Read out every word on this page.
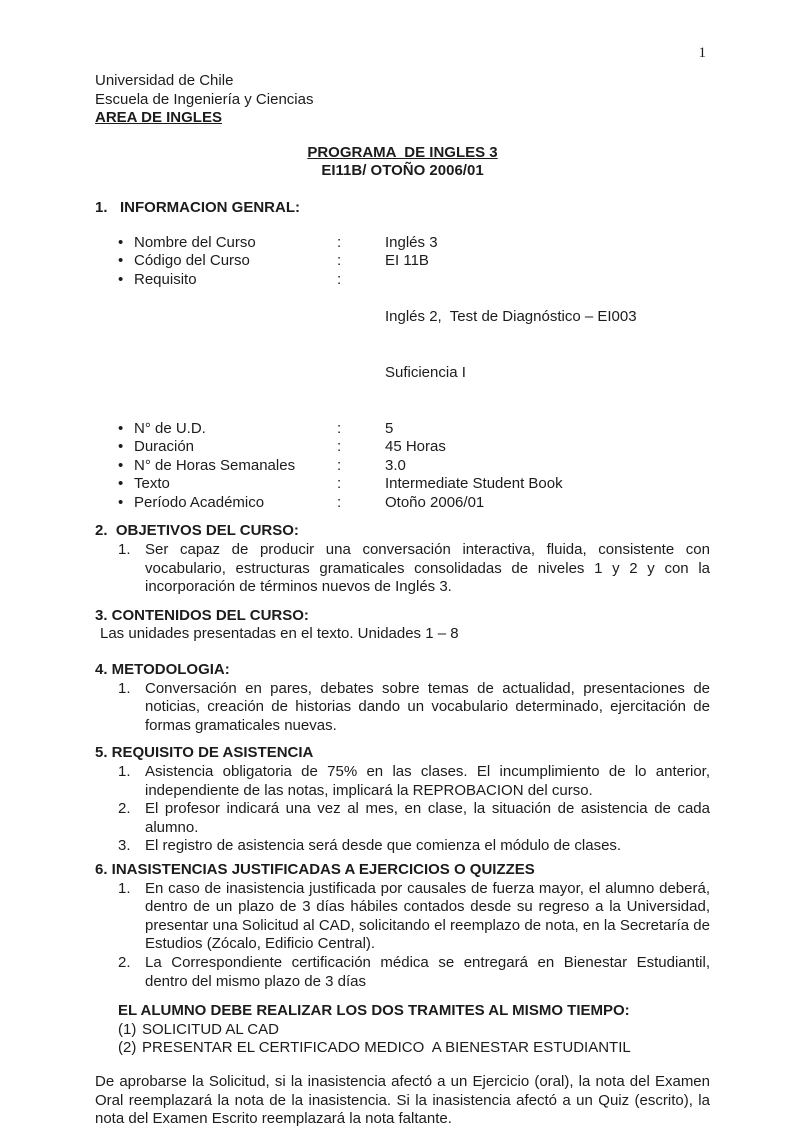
1
Universidad de Chile
Escuela de Ingeniería y Ciencias
AREA DE INGLES
PROGRAMA  DE INGLES 3
EI11B/ OTOÑO 2006/01
1.   INFORMACION GENRAL:
• Nombre del Curso	:	Inglés 3
• Código del Curso	:	EI 11B
• Requisito	:

Inglés 2,  Test de Diagnóstico – EI003

Suficiencia I

• N° de U.D.	:	5
• Duración	:	45 Horas
• N° de Horas Semanales	:	3.0
• Texto	:	Intermediate Student Book
• Período Académico	:	Otoño 2006/01
2.  OBJETIVOS DEL CURSO:
1. Ser capaz de producir una conversación interactiva, fluida, consistente con vocabulario, estructuras gramaticales consolidadas de niveles 1 y 2 y con la incorporación de términos nuevos de Inglés 3.
3. CONTENIDOS DEL CURSO:
Las unidades presentadas en el texto. Unidades 1 – 8
4. METODOLOGIA:
1. Conversación en pares, debates sobre temas de actualidad, presentaciones de noticias, creación de historias dando un vocabulario determinado, ejercitación de formas gramaticales nuevas.
5. REQUISITO DE ASISTENCIA
1. Asistencia obligatoria de 75% en las clases. El incumplimiento de lo anterior, independiente de las notas, implicará la REPROBACION del curso.
2. El profesor indicará una vez al mes, en clase, la situación de asistencia de cada alumno.
3. El registro de asistencia será desde que comienza el módulo de clases.
6. INASISTENCIAS JUSTIFICADAS A EJERCICIOS O QUIZZES
1. En caso de inasistencia justificada por causales de fuerza mayor, el alumno deberá, dentro de un plazo de 3 días hábiles contados desde su regreso a la Universidad, presentar una Solicitud al CAD, solicitando el reemplazo de nota, en la Secretaría de Estudios (Zócalo, Edificio Central).
2. La Correspondiente certificación médica se entregará en Bienestar Estudiantil, dentro del mismo plazo de 3 días
EL ALUMNO DEBE REALIZAR LOS DOS TRAMITES AL MISMO TIEMPO:
(1) SOLICITUD AL CAD
(2) PRESENTAR EL CERTIFICADO MEDICO  A BIENESTAR ESTUDIANTIL
De aprobarse la Solicitud, si la inasistencia afectó a un Ejercicio (oral), la nota del Examen Oral reemplazará la nota de la inasistencia. Si la inasistencia afectó a un Quiz (escrito), la nota del Examen Escrito reemplazará la nota faltante.
